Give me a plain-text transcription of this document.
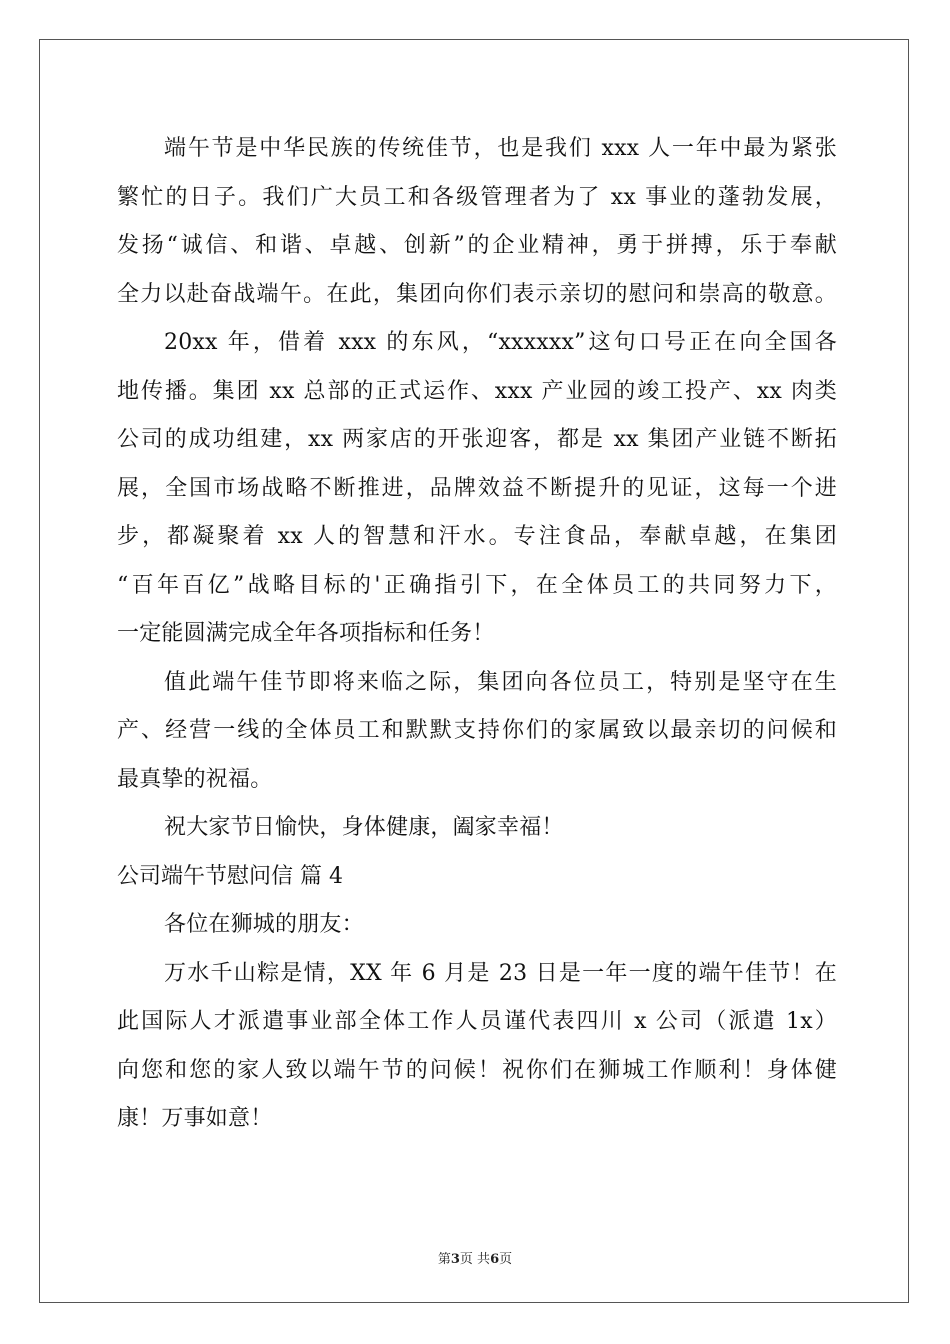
端午节是中华民族的传统佳节，也是我们 xxx 人一年中最为紧张
繁忙的日子。我们广大员工和各级管理者为了 xx 事业的蓬勃发展，
发扬“诚信、和谐、卓越、创新”的企业精神，勇于拼搏，乐于奉献
全力以赴奋战端午。在此，集团向你们表示亲切的慰问和崇高的敬意。
20xx 年，借着 xxx 的东风，“xxxxxx”这句口号正在向全国各
地传播。集团 xx 总部的正式运作、xxx 产业园的竣工投产、xx 肉类
公司的成功组建，xx 两家店的开张迎客，都是 xx 集团产业链不断拓
展，全国市场战略不断推进，品牌效益不断提升的见证，这每一个进
步，都凝聚着 xx 人的智慧和汗水。专注食品，奉献卓越，在集团
“百年百亿”战略目标的'正确指引下，在全体员工的共同努力下，
一定能圆满完成全年各项指标和任务！
值此端午佳节即将来临之际，集团向各位员工，特别是坚守在生
产、经营一线的全体员工和默默支持你们的家属致以最亲切的问候和
最真挚的祝福。
祝大家节日愉快，身体健康，阖家幸福！
公司端午节慰问信 篇 4
各位在狮城的朋友：
万水千山粽是情，XX 年 6 月是 23 日是一年一度的端午佳节！在
此国际人才派遣事业部全体工作人员谨代表四川 x 公司（派遣 1x）
向您和您的家人致以端午节的问候！祝你们在狮城工作顺利！身体健
康！万事如意！
第3页 共6页
